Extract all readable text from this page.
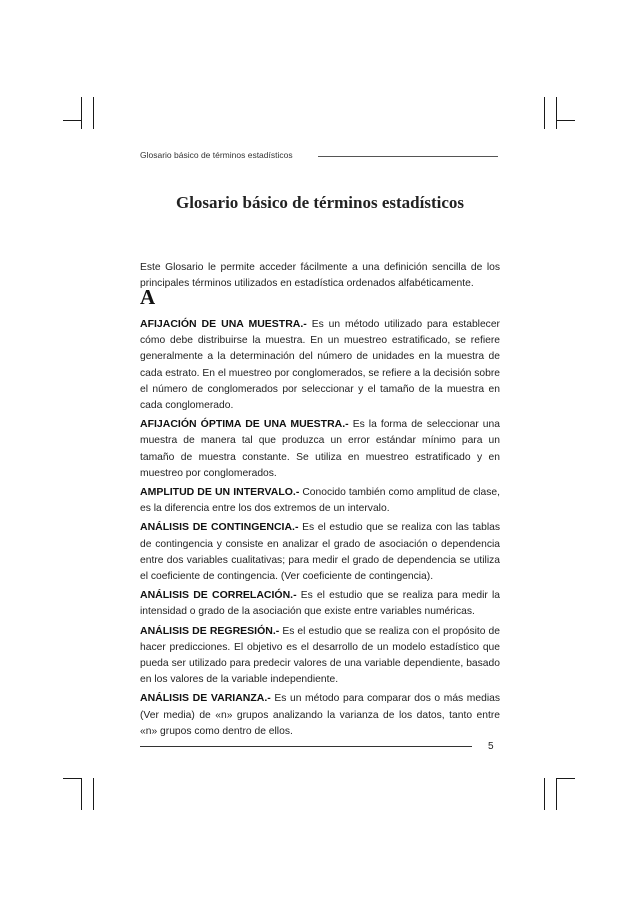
Glosario básico de términos estadísticos
Glosario básico de términos estadísticos

Este Glosario le permite acceder fácilmente a una definición sencilla de los principales términos utilizados en estadística ordenados alfabéticamente.

A

AFIJACIÓN DE UNA MUESTRA.- Es un método utilizado para establecer cómo debe distribuirse la muestra. En un muestreo estratificado, se refiere generalmente a la determinación del número de unidades en la muestra de cada estrato. En el muestreo por conglomerados, se refiere a la decisión sobre el número de conglomerados por seleccionar y el tamaño de la muestra en cada conglomerado.

AFIJACIÓN ÓPTIMA DE UNA MUESTRA.- Es la forma de seleccionar una muestra de manera tal que produzca un error estándar mínimo para un tamaño de muestra constante. Se utiliza en muestreo estratificado y en muestreo por conglomerados.

AMPLITUD DE UN INTERVALO.- Conocido también como amplitud de clase, es la diferencia entre los dos extremos de un intervalo.

ANÁLISIS DE CONTINGENCIA.- Es el estudio que se realiza con las tablas de contingencia y consiste en analizar el grado de asociación o dependencia entre dos variables cualitativas; para medir el grado de dependencia se utiliza el coeficiente de contingencia. (Ver coeficiente de contingencia).

ANÁLISIS DE CORRELACIÓN.- Es el estudio que se realiza para medir la intensidad o grado de la asociación que existe entre variables numéricas.

ANÁLISIS DE REGRESIÓN.- Es el estudio que se realiza con el propósito de hacer predicciones. El objetivo es el desarrollo de un modelo estadístico que pueda ser utilizado para predecir valores de una variable dependiente, basado en los valores de la variable independiente.

ANÁLISIS DE VARIANZA.- Es un método para comparar dos o más medias (Ver media) de «n» grupos analizando la varianza de los datos, tanto entre «n» grupos como dentro de ellos.

5
